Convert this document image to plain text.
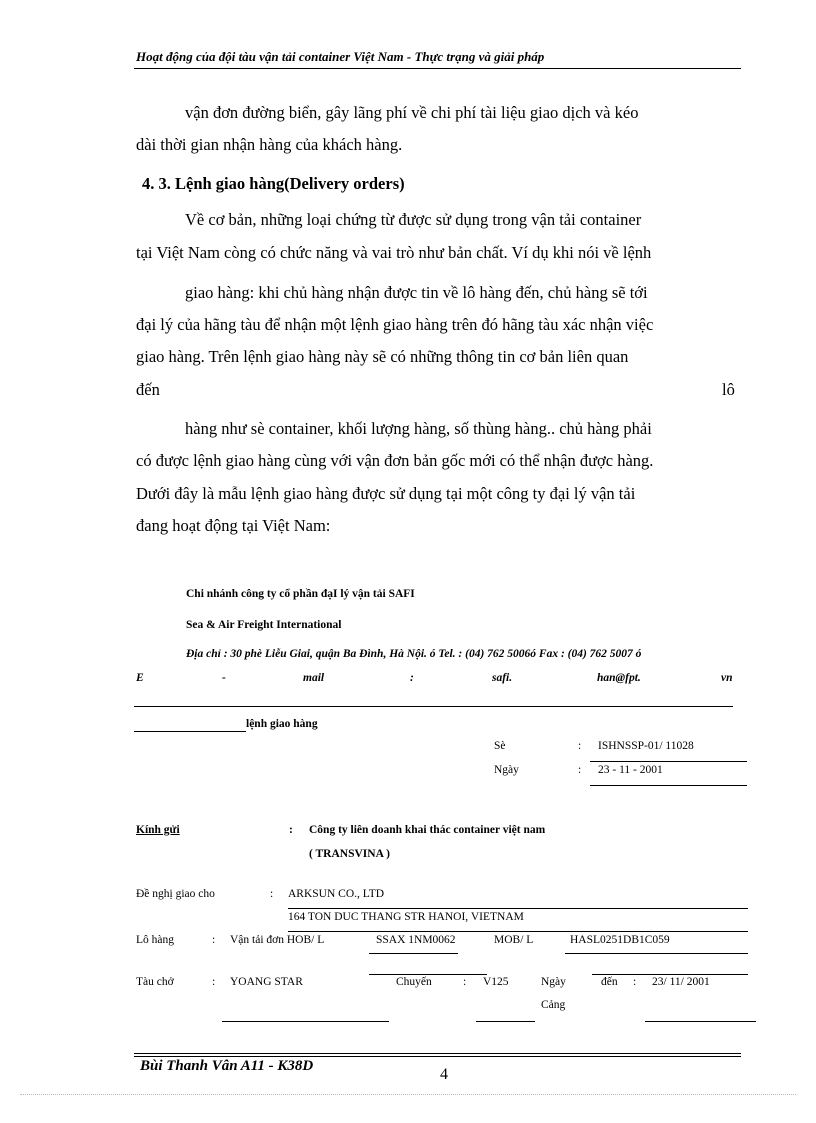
Hoạt động của đội tàu vận tải container Việt Nam - Thực trạng và giải pháp
vận đơn đường biển, gây lãng phí về chi phí tài liệu giao dịch và kéo
dài thời gian nhận hàng của khách hàng.
4. 3. Lệnh giao hàng(Delivery orders)
Về cơ bản, những loại chứng từ được sử dụng trong vận tải container
tại Việt Nam còng có chức năng và vai trò như bản chất. Ví dụ khi nói về lệnh
giao hàng: khi chủ hàng nhận được tin về lô hàng đến, chủ hàng sẽ tới
đại lý của hãng tàu để nhận một lệnh giao hàng trên đó hãng tàu xác nhận việc
giao hàng. Trên lệnh giao hàng này sẽ có những thông tin cơ bản liên quan
đến	lô
hàng như sè container, khối lượng hàng, số thùng hàng.. chủ hàng phải
có được lệnh giao hàng cùng với vận đơn bản gốc mới có thể nhận được hàng.
Dưới đây là mẫu lệnh giao hàng được sử dụng tại một công ty đại lý vận tải
đang hoạt động tại Việt Nam:
Chi nhánh công ty cổ phần đạI lý vận tải SAFI
Sea & Air Freight International
Địa chỉ : 30 phè Liễu Giai, quận Ba Đình, Hà Nội. ó Tel. : (04) 762 5006ó Fax : (04) 762 5007 ó
E	-	mail	:	safi.	han@fpt.	vn
lệnh giao hàng
Sè	: ISHNSSP-01/ 11028
Ngày	: 23 - 11 - 2001
Kính gửi	: Công ty liên doanh khai thác container việt nam
( TRANSVINA )
Đề nghị giao cho	: ARKSUN CO., LTD
164 TON DUC THANG STR HANOI, VIETNAM
Lô hàng	: Vận tải đơn HOB/ L	SSAX 1NM0062	MOB/ L	HASL0251DB1C059
Tàu chở	: YOANG STAR	Chuyến	: V125	Ngày	đến : 23/ 11/ 2001
Cảng
Bùi Thanh Vân A11 - K38D	4
